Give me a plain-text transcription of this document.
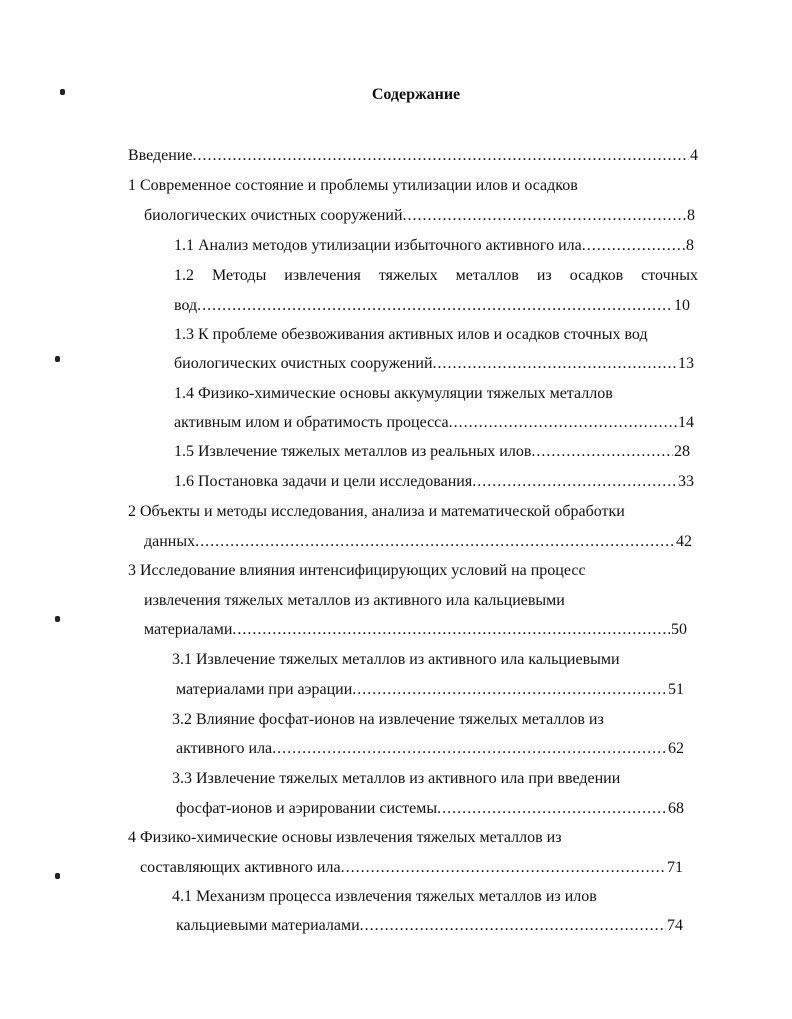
Содержание
Введение .....	4
1 Современное состояние и проблемы утилизации илов и осадков
биологических очистных сооружений .....	8
1.1 Анализ методов утилизации избыточного активного ила .....	8
1.2 Методы извлечения тяжелых металлов из осадков сточных
вод .....	10
1.3 К проблеме обезвоживания активных илов и осадков сточных вод
биологических очистных сооружений .....	13
1.4 Физико-химические основы аккумуляции тяжелых металлов
активным илом и обратимость процесса .....	14
1.5 Извлечение тяжелых металлов из реальных илов .....	28
1.6 Постановка задачи и цели исследования .....	33
2 Объекты и методы исследования, анализа и математической обработки
данных .....	42
3 Исследование влияния интенсифицирующих условий на процесс
извлечения тяжелых металлов из активного ила кальциевыми
материалами .....	50
3.1 Извлечение тяжелых металлов из активного ила кальциевыми
материалами при аэрации .....	51
3.2 Влияние фосфат-ионов на извлечение тяжелых металлов из
активного ила .....	62
3.3 Извлечение тяжелых металлов из активного ила при введении
фосфат-ионов и аэрировании системы .....	68
4 Физико-химические основы извлечения тяжелых металлов из
составляющих активного ила .....	71
4.1 Механизм процесса извлечения тяжелых металлов из илов
кальциевыми материалами .....	74
